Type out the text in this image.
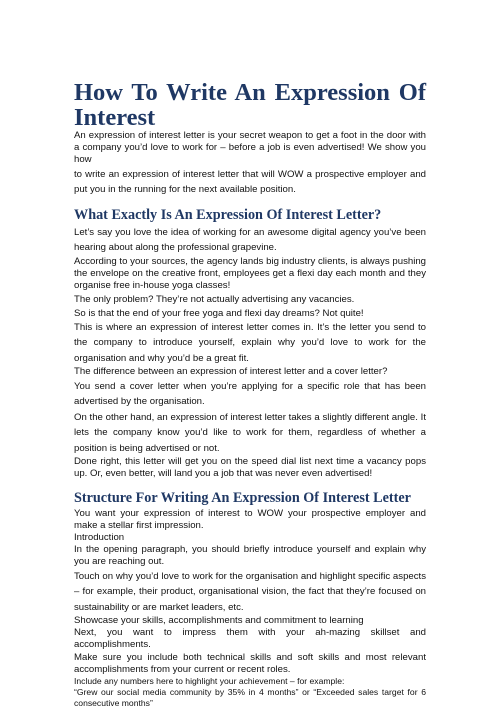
How To Write An Expression Of
Interest

An expression of interest letter is your secret weapon to get a foot in the door with a company you’d love to work for – before a job is even advertised! We show you how

to write an expression of interest letter that will WOW a prospective employer and put you in the running for the next available position.

What Exactly Is An Expression Of Interest Letter?

Let’s say you love the idea of working for an awesome digital agency you’ve been hearing about along the professional grapevine.

According to your sources, the agency lands big industry clients, is always pushing the envelope on the creative front, employees get a flexi day each month and they organise free in-house yoga classes!

The only problem? They’re not actually advertising any vacancies.

So is that the end of your free yoga and flexi day dreams? Not quite!

This is where an expression of interest letter comes in. It’s the letter you send to the company to introduce yourself, explain why you’d love to work for the organisation and why you’d be a great fit.

The difference between an expression of interest letter and a cover letter?

You send a cover letter when you’re applying for a specific role that has been advertised by the organisation.

On the other hand, an expression of interest letter takes a slightly different angle. It lets the company know you’d like to work for them, regardless of whether a position is being advertised or not.

Done right, this letter will get you on the speed dial list next time a vacancy pops up. Or, even better, will land you a job that was never even advertised!

Structure For Writing An Expression Of Interest Letter

You want your expression of interest to WOW your prospective employer and make a stellar first impression.

Introduction

In the opening paragraph, you should briefly introduce yourself and explain why you are reaching out.

Touch on why you’d love to work for the organisation and highlight specific aspects – for example, their product, organisational vision, the fact that they’re focused on sustainability or are market leaders, etc.

Showcase your skills, accomplishments and commitment to learning

Next, you want to impress them with your ah-mazing skillset and accomplishments.

Make sure you include both technical skills and soft skills and most relevant accomplishments from your current or recent roles.

Include any numbers here to highlight your achievement – for example:

“Grew our social media community by 35% in 4 months” or “Exceeded sales target for 6 consecutive months”
